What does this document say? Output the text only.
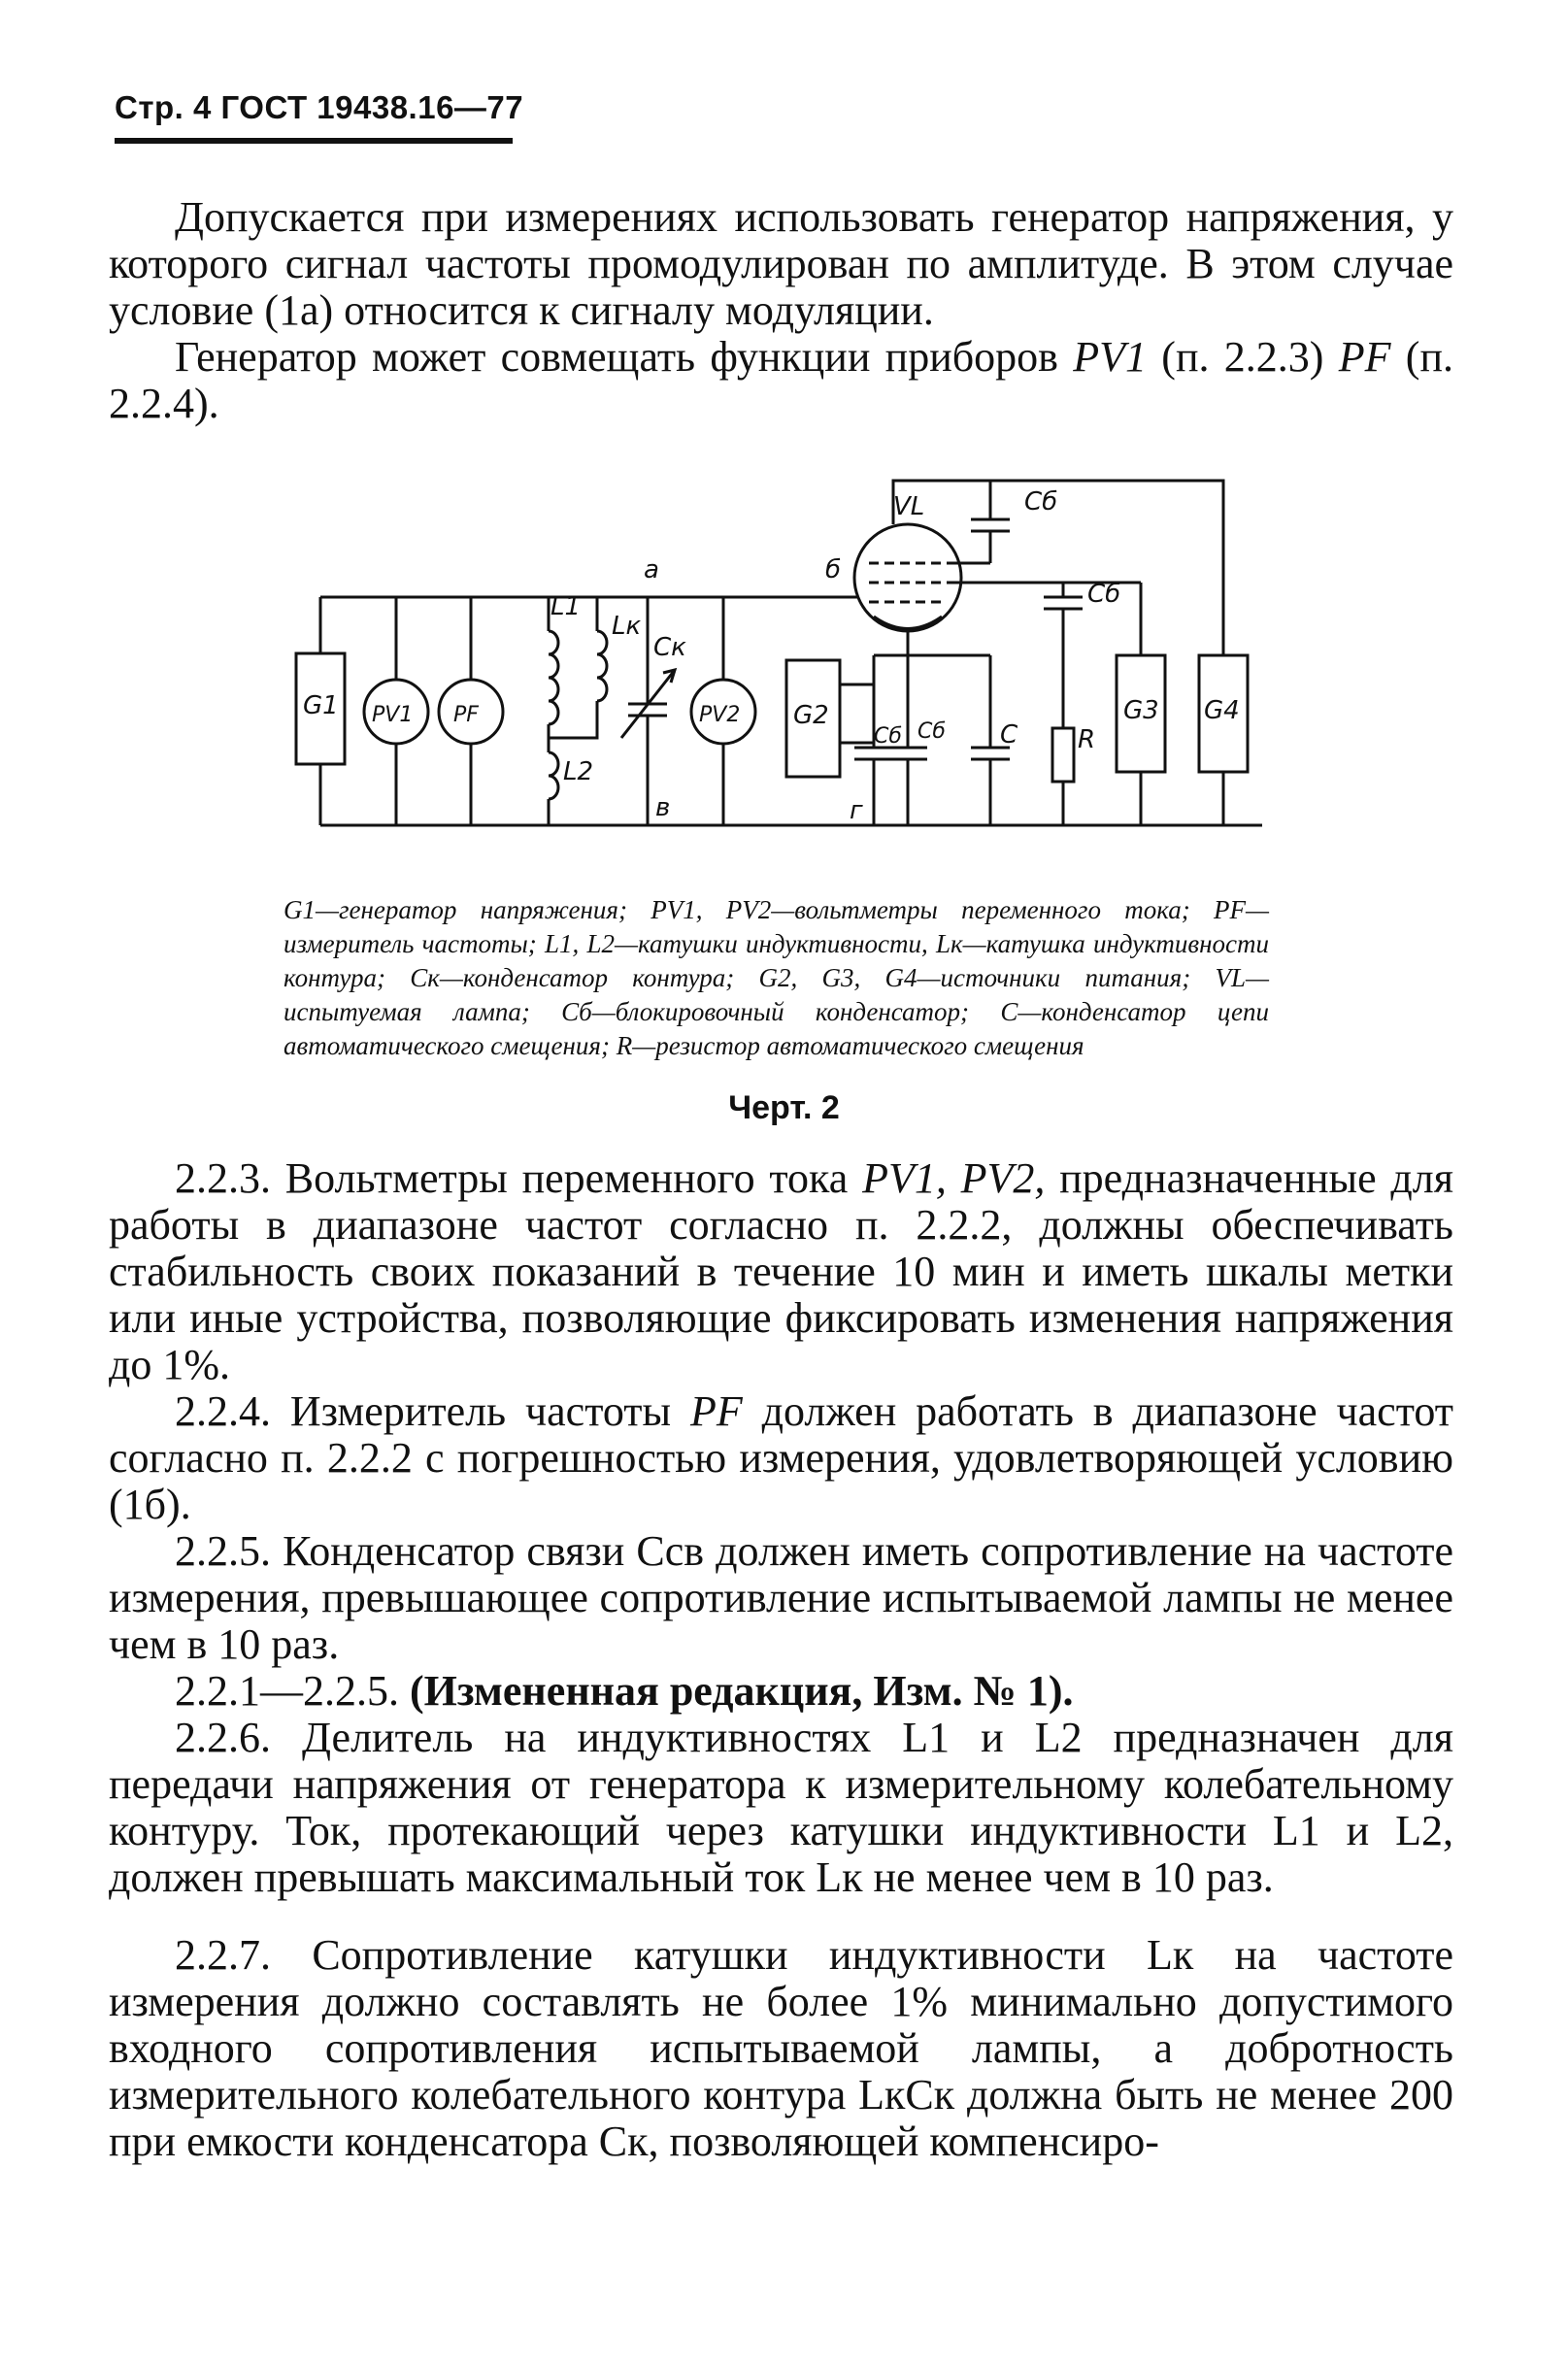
Стр. 4 ГОСТ 19438.16—77

Допускается при измерениях использовать генератор напряжения, у которого сигнал частоты промодулирован по амплитуде. В этом случае условие (1а) относится к сигналу модуляции.

Генератор может совмещать функции приборов PV1 (п. 2.2.3) PF (п. 2.2.4).

G1 PV1 PF
L1
L2
Lк
а
Cк
в
PV2
б
VL	Cб
Cб
G3 G4
G2
Cб Cб
г
C R
G1—генератор напряжения; PV1, PV2—вольтметры переменного тока; PF—измеритель частоты; L1, L2—катушки индуктивности, Lк—катушка индуктивности контура; Cк—конденсатор контура; G2, G3, G4—источники питания; VL—испытуемая лампа; Cб—блокировочный конденсатор; C—конденсатор цепи автоматического смещения; R—резистор автоматического смещения
Черт. 2

2.2.3. Вольтметры переменного тока PV1, PV2, предназначенные для работы в диапазоне частот согласно п. 2.2.2, должны обеспечивать стабильность своих показаний в течение 10 мин и иметь шкалы метки или иные устройства, позволяющие фиксировать изменения напряжения до 1%.

2.2.4. Измеритель частоты PF должен работать в диапазоне частот согласно п. 2.2.2 с погрешностью измерения, удовлетворяющей условию (1б).

2.2.5. Конденсатор связи Cсв должен иметь сопротивление на частоте измерения, превышающее сопротивление испытываемой лампы не менее чем в 10 раз.

2.2.1—2.2.5. (Измененная редакция, Изм. № 1).

2.2.6. Делитель на индуктивностях L1 и L2 предназначен для передачи напряжения от генератора к измерительному колебательному контуру. Ток, протекающий через катушки индуктивности L1 и L2, должен превышать максимальный ток Lк не менее чем в 10 раз.

2.2.7. Сопротивление катушки индуктивности Lк на частоте измерения должно составлять не более 1% минимально допустимого входного сопротивления испытываемой лампы, а добротность измерительного колебательного контура LкCк должна быть не менее 200 при емкости конденсатора Cк, позволяющей компенсиро-
